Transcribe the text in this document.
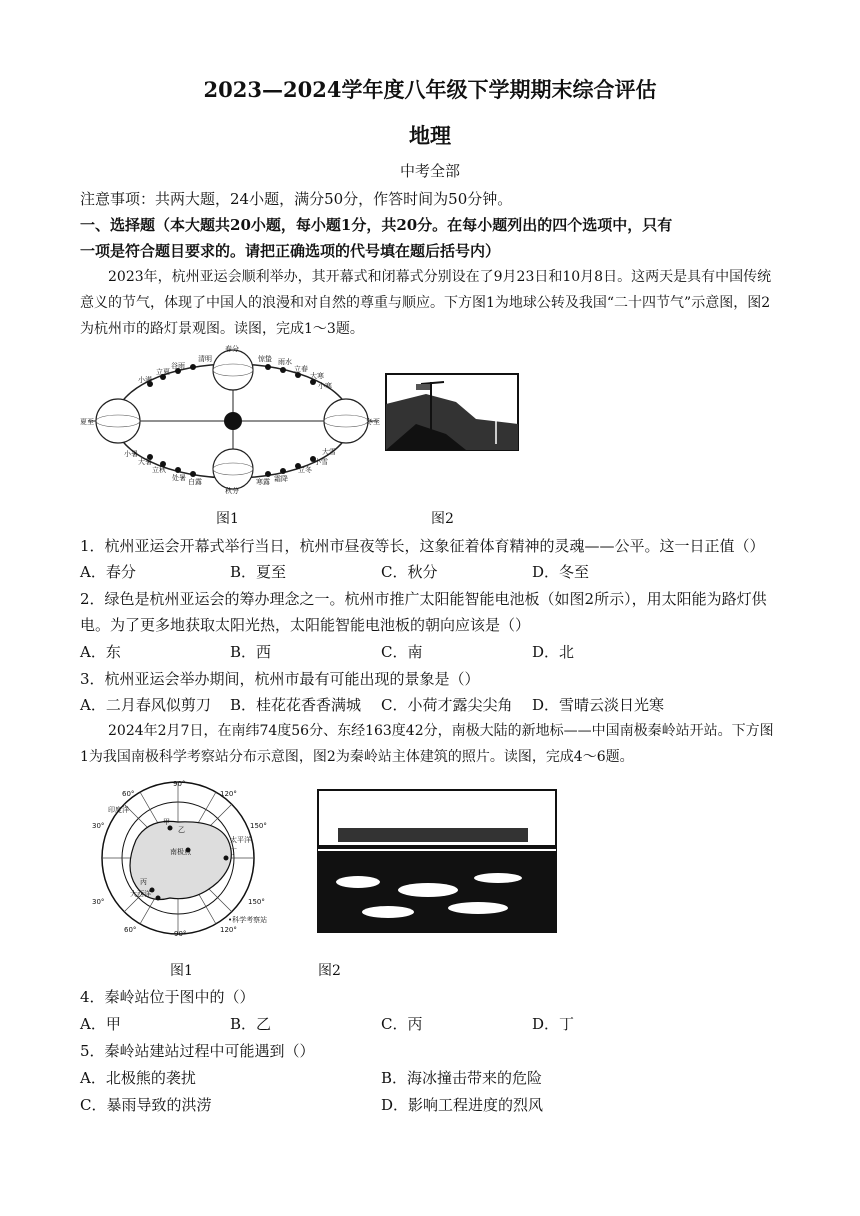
2023—2024学年度八年级下学期期末综合评估
地理
中考全部
注意事项：共两大题，24小题，满分50分，作答时间为50分钟。
一、选择题（本大题共20小题，每小题1分，共20分。在每小题列出的四个选项中，只有
一项是符合题目要求的。请把正确选项的代号填在题后括号内）
2023年，杭州亚运会顺利举办，其开幕式和闭幕式分别设在了9月23日和10月8日。这两天是具有中国传统意义的节气，体现了中国人的浪漫和对自然的尊重与顺应。下方图1为地球公转及我国“二十四节气”示意图，图2为杭州市的路灯景观图。读图，完成1～3题。
春分
夏至	冬至
秋分
小满
立夏
谷雨
清明	惊蛰 雨水
立春
大寒
小寒
小暑
大暑
立秋
处暑 白露	寒露 霜降
立冬
小雪
大雪
图1	图2
1．杭州亚运会开幕式举行当日，杭州市昼夜等长，这象征着体育精神的灵魂——公平。这一日正值（）
A．春分	B．夏至	C．秋分	D．冬至
2．绿色是杭州亚运会的筹办理念之一。杭州市推广太阳能智能电池板（如图2所示），用太阳能为路灯供
电。为了更多地获取太阳光热，太阳能智能电池板的朝向应该是（）
A．东	B．西	C．南	D．北
3．杭州亚运会举办期间，杭州市最有可能出现的景象是（）
A．二月春风似剪刀 B．桂花花香香满城 C．小荷才露尖尖角 D．雪晴云淡日光寒
2024年2月7日，在南纬74度56分、东经163度42分，南极大陆的新地标——中国南极秦岭站开站。下方图1为我国南极科学考察站分布示意图，图2为秦岭站主体建筑的照片。读图，完成4～6题。
90°
60°	120°
30°	150°
30°	150°
60°	90°	120°
甲
乙
丙
丁
印度洋
太平洋
大西洋
南极点
•科学考察站
图1	图2
4．秦岭站位于图中的（）
A．甲	B．乙	C．丙	D．丁
5．秦岭站建站过程中可能遇到（）
A．北极熊的袭扰	B．海冰撞击带来的危险
C．暴雨导致的洪涝	D．影响工程进度的烈风
